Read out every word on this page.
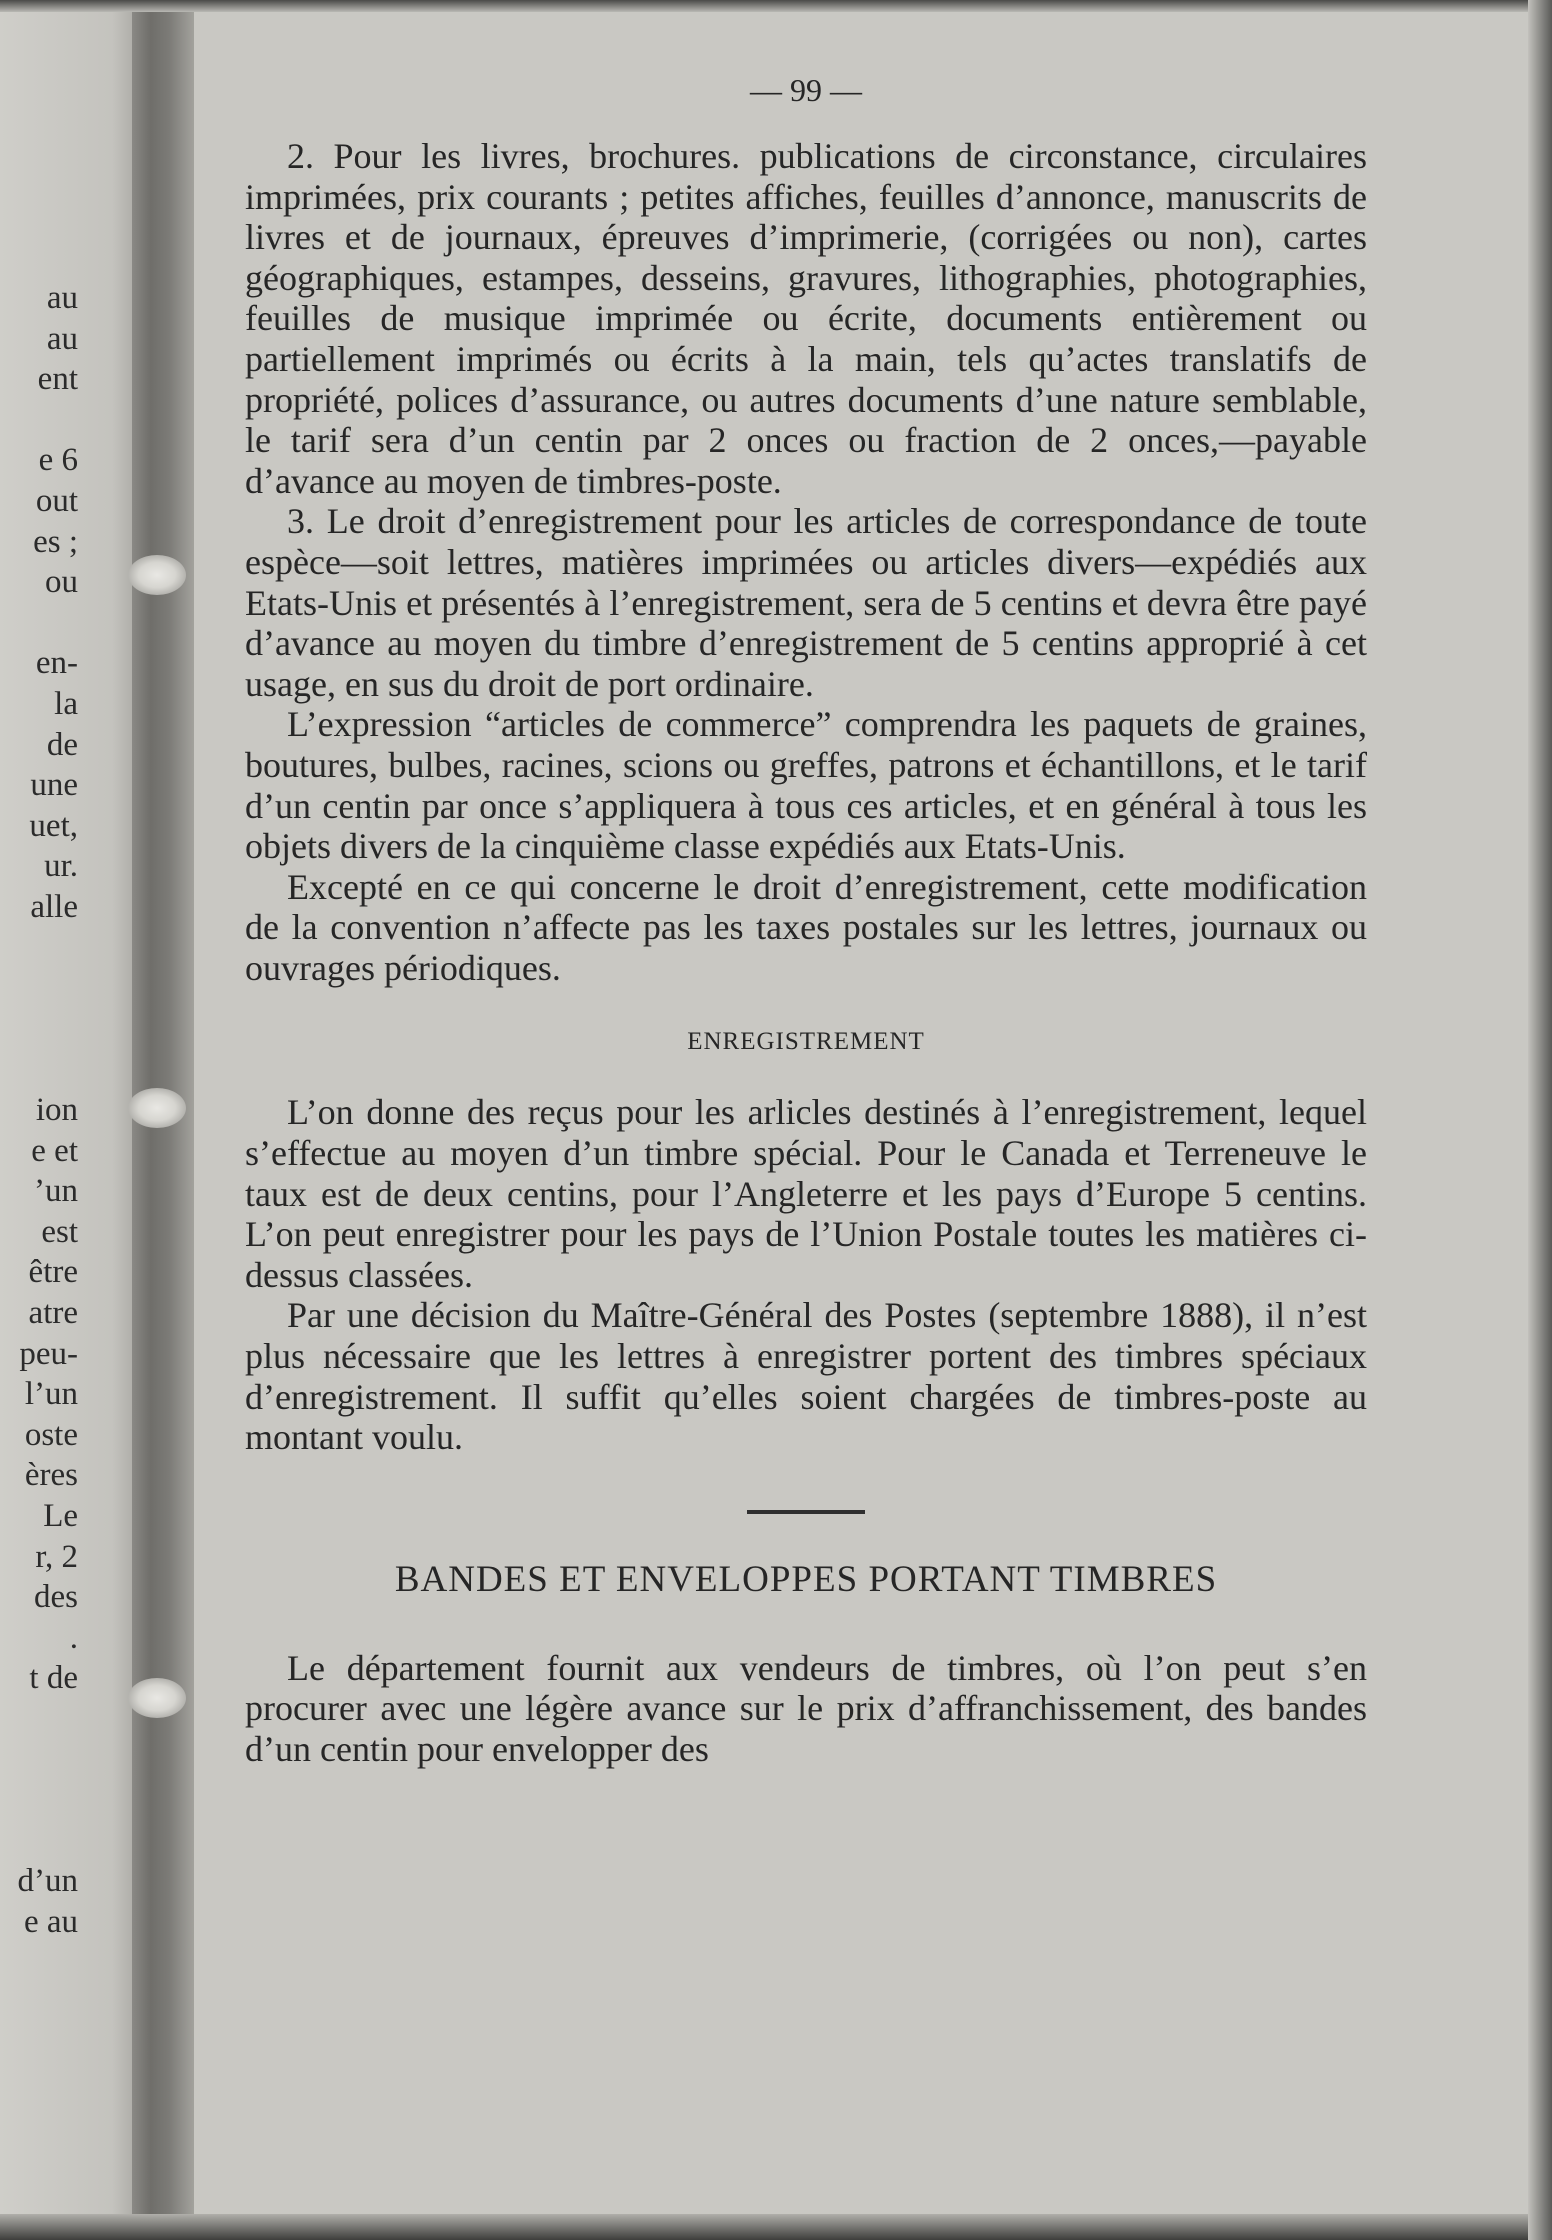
au
au
ent
e 6
out
es ;
ou
en-
la
de
une
uet,
ur.
alle
ion
e et
’un
est
être
atre
peu-
l’un
oste
ères
Le
r, 2
des
.
t de
d’un
e au
— 99 —

2. Pour les livres, brochures. publications de circonstance, circulaires imprimées, prix courants ; petites affiches, feuilles d’annonce, manuscrits de livres et de journaux, épreuves d’imprimerie, (corrigées ou non), cartes géographiques, estampes, desseins, gravures, lithographies, photographies, feuilles de musique imprimée ou écrite, documents entièrement ou partiellement imprimés ou écrits à la main, tels qu’actes translatifs de propriété, polices d’assurance, ou autres documents d’une nature semblable, le tarif sera d’un centin par 2 onces ou fraction de 2 onces,—payable d’avance au moyen de timbres-poste.

3. Le droit d’enregistrement pour les articles de correspondance de toute espèce—soit lettres, matières imprimées ou articles divers—expédiés aux Etats-Unis et présentés à l’enregistrement, sera de 5 centins et devra être payé d’avance au moyen du timbre d’enregistrement de 5 centins approprié à cet usage, en sus du droit de port ordinaire.

L’expression “articles de commerce” comprendra les paquets de graines, boutures, bulbes, racines, scions ou greffes, patrons et échantillons, et le tarif d’un centin par once s’appliquera à tous ces articles, et en général à tous les objets divers de la cinquième classe expédiés aux Etats-Unis.

Excepté en ce qui concerne le droit d’enregistrement, cette modification de la convention n’affecte pas les taxes postales sur les lettres, journaux ou ouvrages périodiques.

ENREGISTREMENT

L’on donne des reçus pour les arlicles destinés à l’enregistrement, lequel s’effectue au moyen d’un timbre spécial. Pour le Canada et Terreneuve le taux est de deux centins, pour l’Angleterre et les pays d’Europe 5 centins. L’on peut enregistrer pour les pays de l’Union Postale toutes les matières ci-dessus classées.

Par une décision du Maître-Général des Postes (septembre 1888), il n’est plus nécessaire que les lettres à enregistrer portent des timbres spéciaux d’enregistrement. Il suffit qu’elles soient chargées de timbres-poste au montant voulu.

BANDES ET ENVELOPPES PORTANT TIMBRES

Le département fournit aux vendeurs de timbres, où l’on peut s’en procurer avec une légère avance sur le prix d’affranchissement, des bandes d’un centin pour envelopper des
